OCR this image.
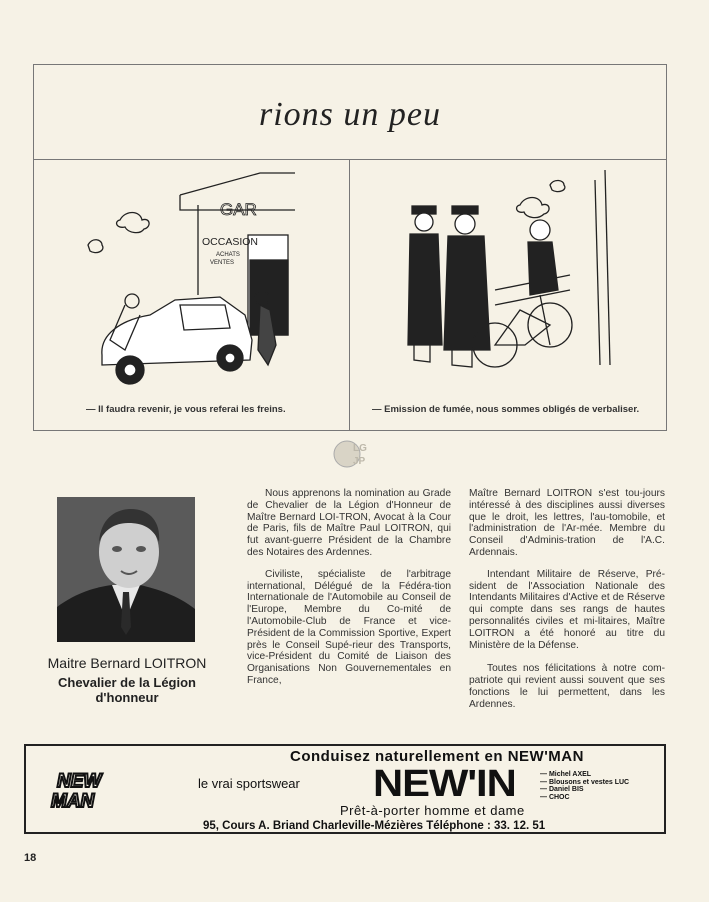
rions un peu
GAR
OCCASION
ACHATS
VENTES
— Il faudra revenir, je vous referai les freins.	— Emission de fumée, nous sommes obligés de verbaliser.
LG
JP
Maitre Bernard LOITRON
Chevalier de la Légion d'honneur

Nous apprenons la nomination au Grade de Chevalier de la Légion d'Honneur de Maître Bernard LOI-TRON, Avocat à la Cour de Paris, fils de Maître Paul LOITRON, qui fut avant-guerre Président de la Chambre des Notaires des Ardennes.

Civiliste, spécialiste de l'arbitrage international, Délégué de la Fédéra-tion Internationale de l'Automobile au Conseil de l'Europe, Membre du Co-mité de l'Automobile-Club de France et vice-Président de la Commission Sportive, Expert près le Conseil Supé-rieur des Transports, vice-Président du Comité de Liaison des Organisations Non Gouvernementales en France,

Maître Bernard LOITRON s'est tou-jours intéressé à des disciplines aussi diverses que le droit, les lettres, l'au-tomobile, et l'administration de l'Ar-mée. Membre du Conseil d'Adminis-tration de l'A.C. Ardennais.

Intendant Militaire de Réserve, Pré-sident de l'Association Nationale des Intendants Militaires d'Active et de Réserve qui compte dans ses rangs de hautes personnalités civiles et mi-litaires, Maître LOITRON a été honoré au titre du Ministère de la Défense.

Toutes nos félicitations à notre com-patriote qui revient aussi souvent que ses fonctions le lui permettent, dans les Ardennes.

NEW
MAN
Conduisez naturellement en NEW'MAN
le vrai sportswear NEW'IN	— Michel AXEL
— Blousons et vestes LUC
— Daniel BIS
— CHOC
Prêt-à-porter homme et dame
95, Cours A. Briand Charleville-Mézières Téléphone : 33. 12. 51
18
